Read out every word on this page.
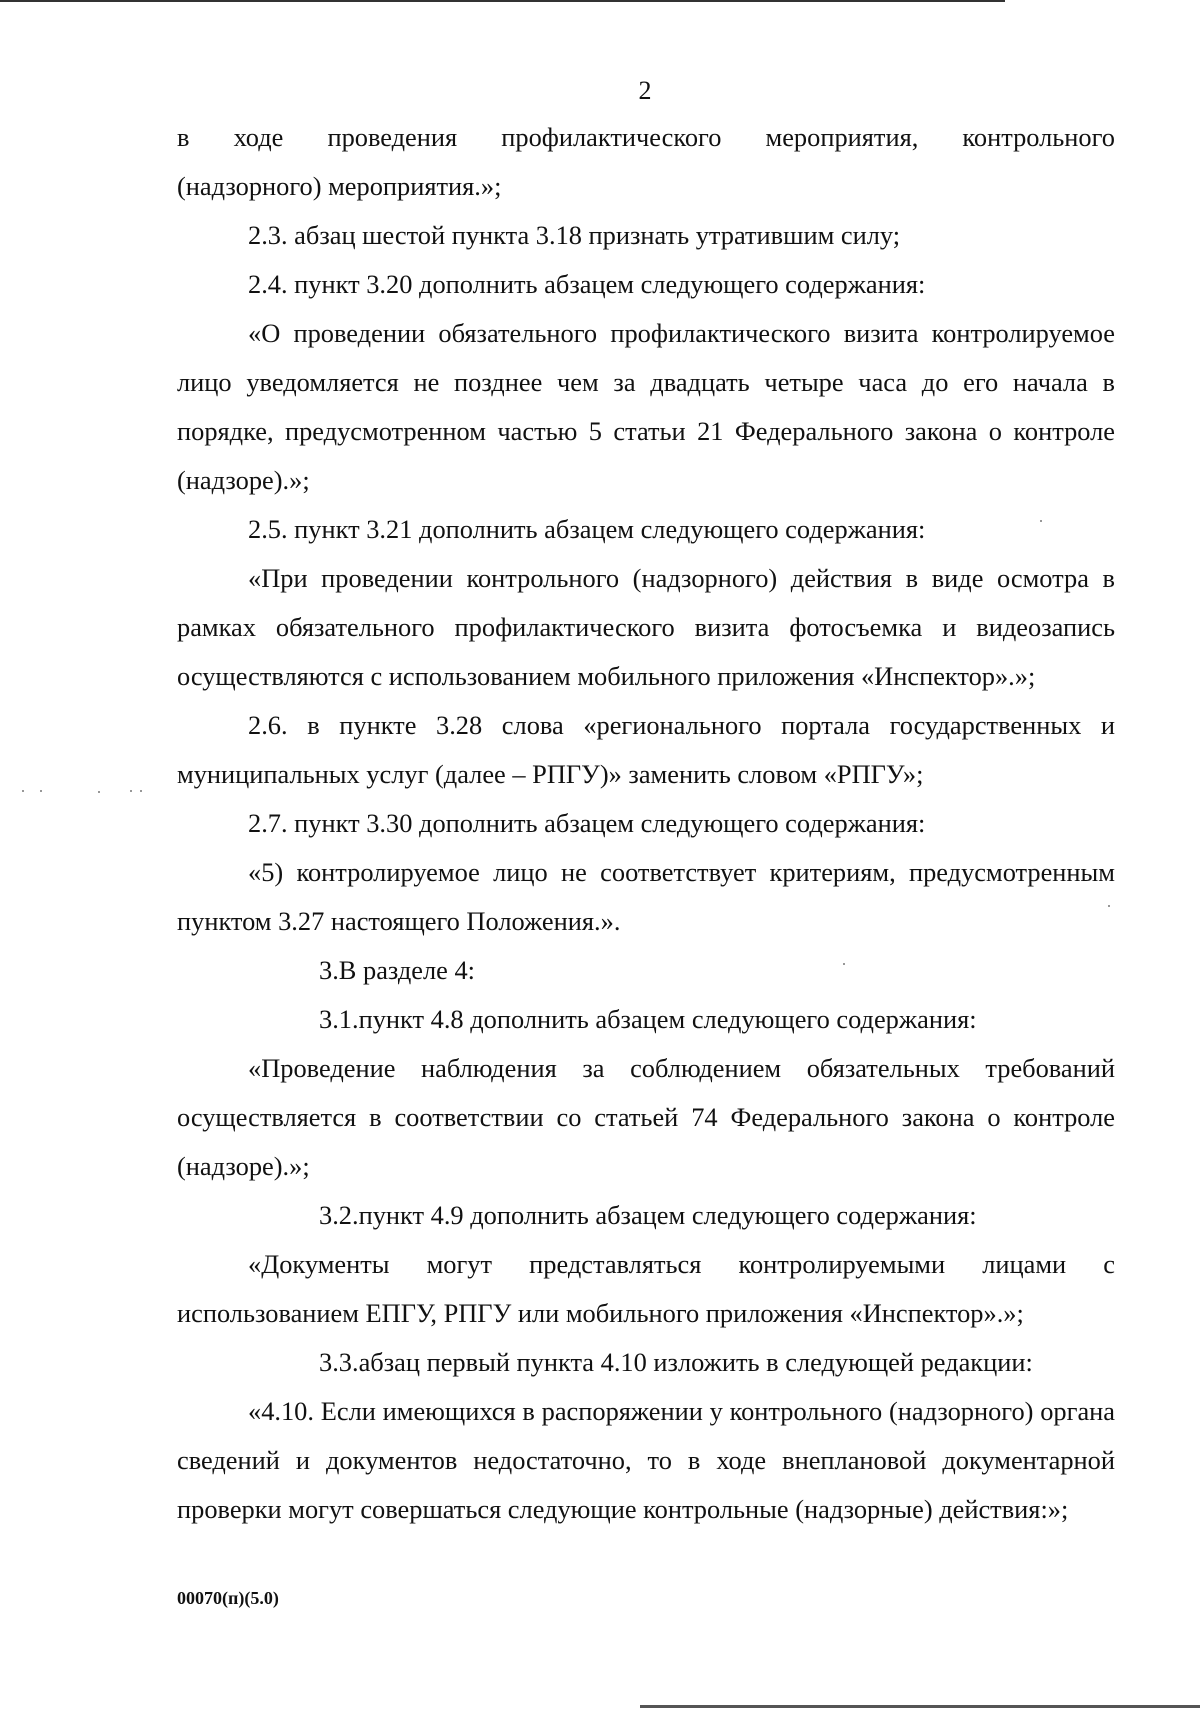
2

в ходе проведения профилактического мероприятия, контрольного

(надзорного) мероприятия.»;

2.3. абзац шестой пункта 3.18 признать утратившим силу;

2.4. пункт 3.20 дополнить абзацем следующего содержания:

«О проведении обязательного профилактического визита контролируемое лицо уведомляется не позднее чем за двадцать четыре часа до его начала в порядке, предусмотренном частью 5 статьи 21 Федерального закона о контроле (надзоре).»;

2.5. пункт 3.21 дополнить абзацем следующего содержания:

«При проведении контрольного (надзорного) действия в виде осмотра в рамках обязательного профилактического визита фотосъемка и видеозапись осуществляются с использованием мобильного приложения «Инспектор».»;

2.6. в пункте 3.28 слова «регионального портала государственных и муниципальных услуг (далее – РПГУ)» заменить словом «РПГУ»;

2.7. пункт 3.30 дополнить абзацем следующего содержания:

«5) контролируемое лицо не соответствует критериям, предусмотренным пунктом 3.27 настоящего Положения.».

3.В разделе 4:

3.1.пункт 4.8 дополнить абзацем следующего содержания:

«Проведение наблюдения за соблюдением обязательных требований осуществляется в соответствии со статьей 74 Федерального закона о контроле (надзоре).»;

3.2.пункт 4.9 дополнить абзацем следующего содержания:

«Документы могут представляться контролируемыми лицами с использованием ЕПГУ, РПГУ или мобильного приложения «Инспектор».»;

3.3.абзац первый пункта 4.10 изложить в следующей редакции:

«4.10. Если имеющихся в распоряжении у контрольного (надзорного) органа сведений и документов недостаточно, то в ходе внеплановой документарной проверки могут совершаться следующие контрольные (надзорные) действия:»;

00070(п)(5.0)
